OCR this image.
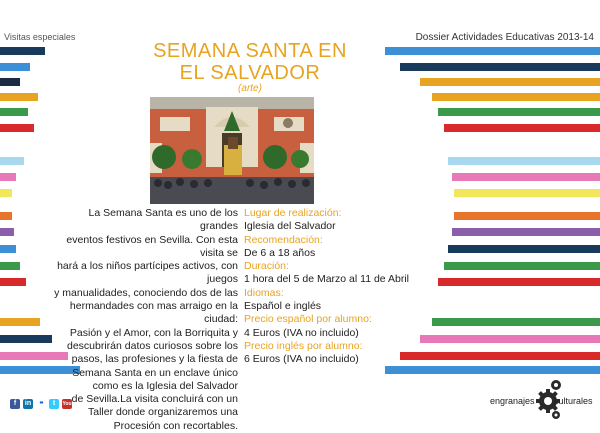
Visitas especiales	Dossier Actividades Educativas 2013-14
SEMANA SANTA EN
EL SALVADOR
(arte)
La Semana Santa es uno de los grandes
eventos festivos en Sevilla. Con esta visita se
hará a los niños partícipes activos, con juegos
y manualidades, conociendo dos de las
hermandades con mas arraigo en la ciudad:
Pasión y el Amor, con la Borriquita y
descubrirán datos curiosos sobre los
pasos, las profesiones y la fiesta de
Semana Santa en un enclave único
como es la Iglesia del Salvador
de Sevilla.La visita concluirá con un
Taller donde organizaremos una
Procesión con recortables.
Lugar de realización:
Iglesia del Salvador
Recomendación:
De 6 a 18 años
Duración:
1 hora del 5 de Marzo al 11 de Abril
Idiomas:
Español e inglés
Precio español por alumno:
4 Euros (IVA no incluido)
Precio inglés por alumno:
6 Euros (IVA no incluido)
f	in	••	t	You	engranajes culturales
